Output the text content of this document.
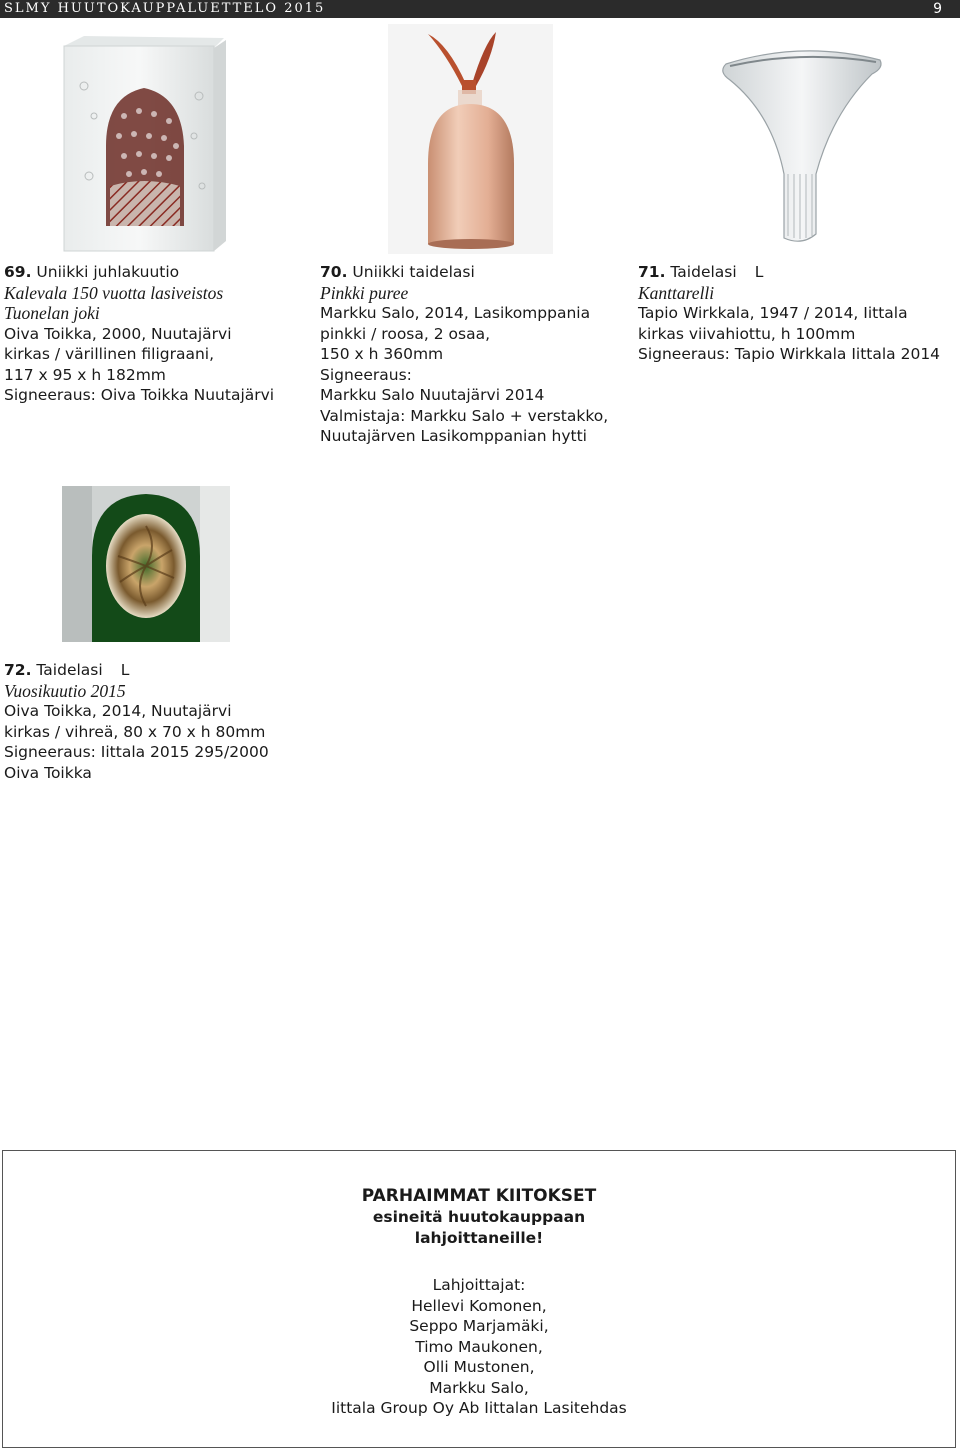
SLMY HUUTOKAUPPALUETTELO 2015	9
69. Uniikki juhlakuutio
Kalevala 150 vuotta lasiveistos
Tuonelan joki
Oiva Toikka, 2000, Nuutajärvi
kirkas / värillinen filigraani,
117 x 95 x h 182mm
Signeeraus: Oiva Toikka Nuutajärvi
70. Uniikki taidelasi
Pinkki puree
Markku Salo, 2014, Lasikomppania
pinkki / roosa, 2 osaa,
150 x h 360mm
Signeeraus:
Markku Salo Nuutajärvi 2014
Valmistaja: Markku Salo + verstakko,
Nuutajärven Lasikomppanian hytti
71. Taidelasi L
Kanttarelli
Tapio Wirkkala, 1947 / 2014, Iittala
kirkas viivahiottu, h 100mm
Signeeraus: Tapio Wirkkala Iittala 2014
72. Taidelasi L
Vuosikuutio 2015
Oiva Toikka, 2014, Nuutajärvi
kirkas / vihreä, 80 x 70 x h 80mm
Signeeraus: Iittala 2015 295/2000
Oiva Toikka
PARHAIMMAT KIITOKSET
esineitä huutokauppaan
lahjoittaneille!
Lahjoittajat:
Hellevi Komonen,
Seppo Marjamäki,
Timo Maukonen,
Olli Mustonen,
Markku Salo,
Iittala Group Oy Ab Iittalan Lasitehdas
